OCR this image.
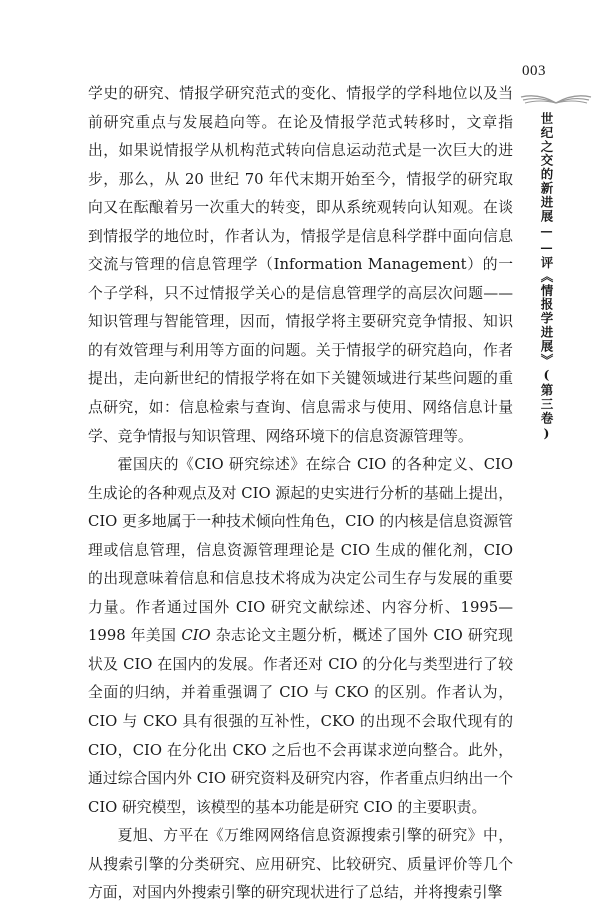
003
世纪之交的新进展——评《情报学进展》(第三卷)

学史的研究、情报学研究范式的变化、情报学的学科地位以及当前研究重点与发展趋向等。在论及情报学范式转移时，文章指出，如果说情报学从机构范式转向信息运动范式是一次巨大的进步，那么，从 20 世纪 70 年代末期开始至今，情报学的研究取向又在酝酿着另一次重大的转变，即从系统观转向认知观。在谈到情报学的地位时，作者认为，情报学是信息科学群中面向信息交流与管理的信息管理学（Information Management）的一个子学科，只不过情报学关心的是信息管理学的高层次问题——知识管理与智能管理，因而，情报学将主要研究竞争情报、知识的有效管理与利用等方面的问题。关于情报学的研究趋向，作者提出，走向新世纪的情报学将在如下关键领域进行某些问题的重点研究，如：信息检索与查询、信息需求与使用、网络信息计量学、竞争情报与知识管理、网络环境下的信息资源管理等。

霍国庆的《CIO 研究综述》在综合 CIO 的各种定义、CIO 生成论的各种观点及对 CIO 源起的史实进行分析的基础上提出，CIO 更多地属于一种技术倾向性角色，CIO 的内核是信息资源管理或信息管理，信息资源管理理论是 CIO 生成的催化剂，CIO 的出现意味着信息和信息技术将成为决定公司生存与发展的重要力量。作者通过国外 CIO 研究文献综述、内容分析、1995—1998 年美国 CIO 杂志论文主题分析，概述了国外 CIO 研究现状及 CIO 在国内的发展。作者还对 CIO 的分化与类型进行了较全面的归纳，并着重强调了 CIO 与 CKO 的区别。作者认为，CIO 与 CKO 具有很强的互补性，CKO 的出现不会取代现有的 CIO，CIO 在分化出 CKO 之后也不会再谋求逆向整合。此外，通过综合国内外 CIO 研究资料及研究内容，作者重点归纳出一个 CIO 研究模型，该模型的基本功能是研究 CIO 的主要职责。

夏旭、方平在《万维网网络信息资源搜索引擎的研究》中，从搜索引擎的分类研究、应用研究、比较研究、质量评价等几个方面，对国内外搜索引擎的研究现状进行了总结，并将搜索引擎
